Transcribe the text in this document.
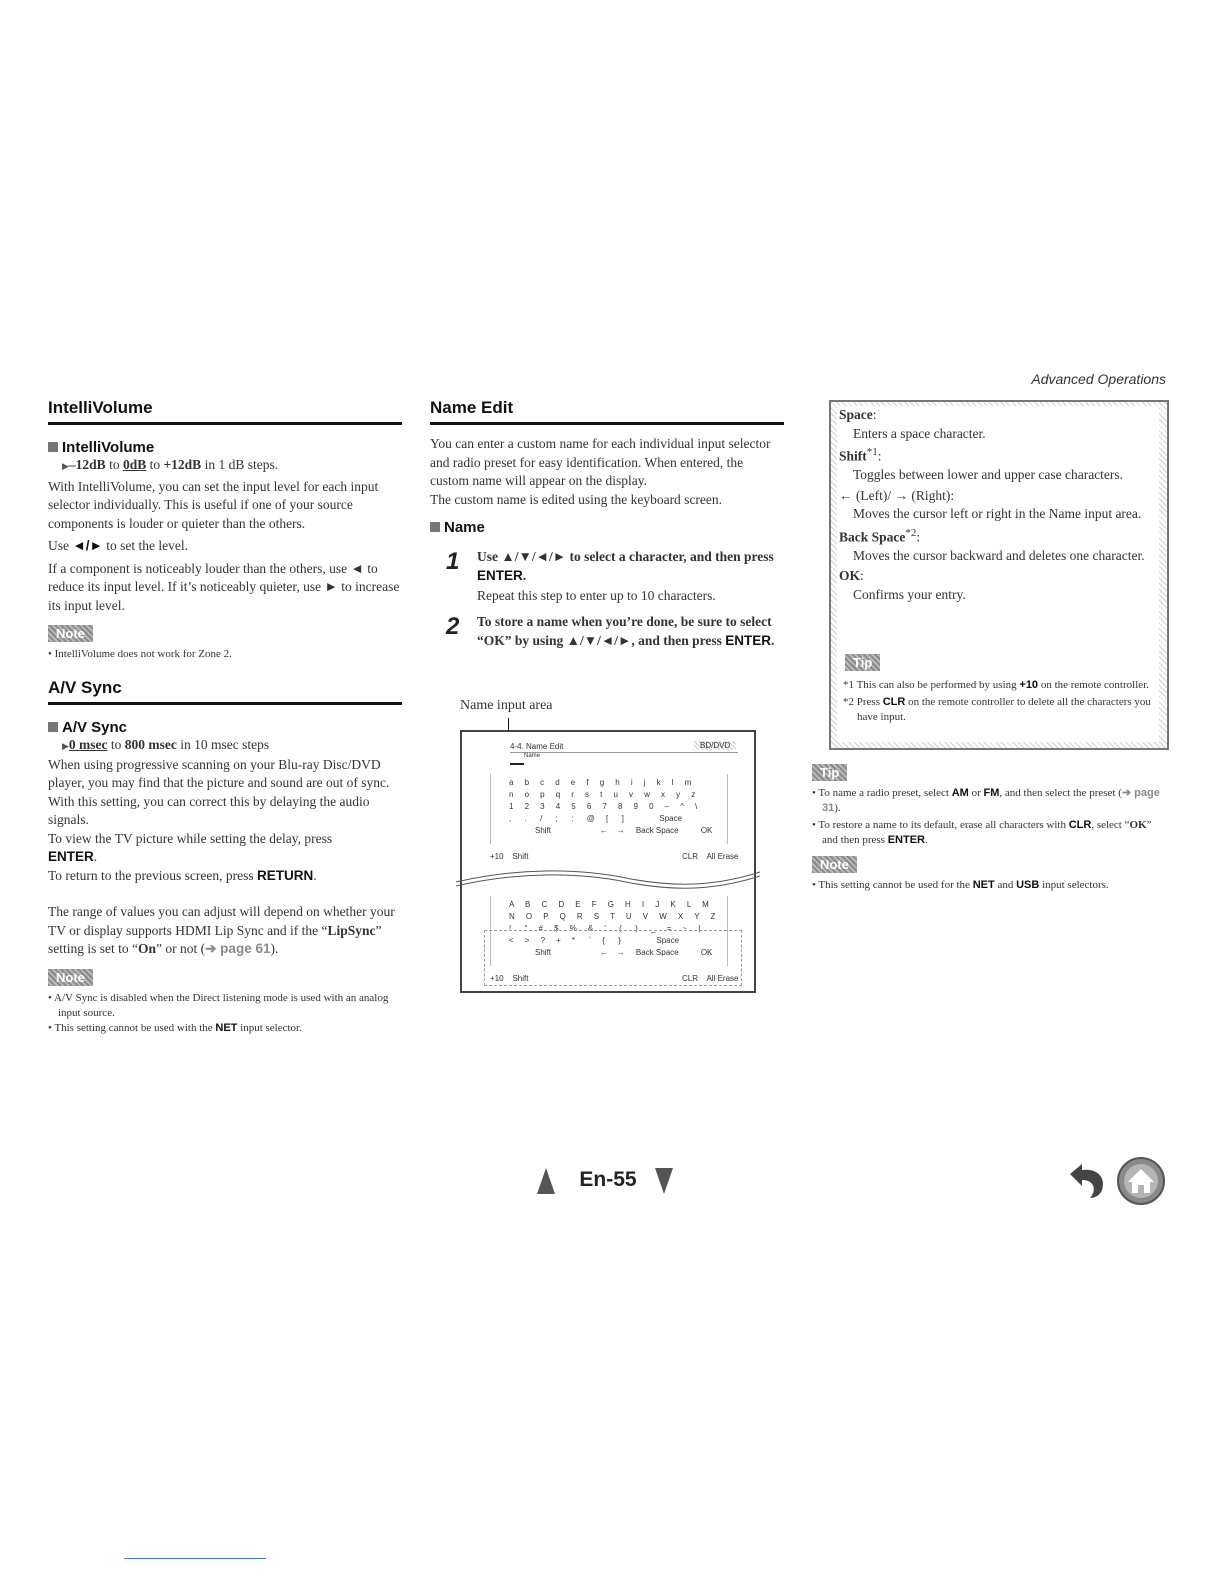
Advanced Operations
IntelliVolume
IntelliVolume

▶–12dB to 0dB to +12dB in 1 dB steps.

With IntelliVolume, you can set the input level for each input selector individually. This is useful if one of your source components is louder or quieter than the others.

Use ◄/► to set the level.

If a component is noticeably louder than the others, use ◄ to reduce its input level. If it’s noticeably quieter, use ► to increase its input level.

Note

• IntelliVolume does not work for Zone 2.

A/V Sync
A/V Sync

▶0 msec to 800 msec in 10 msec steps

When using progressive scanning on your Blu-ray Disc/DVD player, you may find that the picture and sound are out of sync. With this setting, you can correct this by delaying the audio signals.

To view the TV picture while setting the delay, press
ENTER.

To return to the previous screen, press RETURN.

The range of values you can adjust will depend on whether your TV or display supports HDMI Lip Sync and if the “LipSync” setting is set to “On” or not (➔ page 61).

Note

• A/V Sync is disabled when the Direct listening mode is used with an analog input source.

• This setting cannot be used with the NET input selector.

Name Edit

You can enter a custom name for each individual input selector and radio preset for easy identification. When entered, the custom name will appear on the display.

The custom name is edited using the keyboard screen.

Name
1 Use ▲/▼/◄/► to select a character, and then press ENTER.

Repeat this step to enter up to 10 characters.

2 To store a name when you’re done, be sure to select “OK” by using ▲/▼/◄/►, and then press ENTER.

Name input area
4-4. Name Edit	BD/DVD
Name
a     b     c     d     e     f     g     h     i     j     k     l     m
n     o     p     q     r     s     t     u     v     w     x     y     z
1     2     3     4     5     6     7     8     9     0     –     ^     \
,      .      /      ;      :      @     [      ]                Space
Shift                      ←    →     Back Space          OK
+10    Shift	CLR    All Erase
A     B     C     D     E     F     G     H     I     J     K     L     M
N     O     P     Q     R     S     T     U     V     W     X     Y     Z
!      "     #     $     %     &     '      (      )      _     =     ~     |
<     >     ?     +     *      `     {      }                Space
Shift                      ←    →     Back Space          OK
+10    Shift	CLR    All Erase

Space:

Enters a space character.

Shift$^{*1}$:

Toggles between lower and upper case characters.

← (Left)/ → (Right):

Moves the cursor left or right in the Name input area.

Back Space$^{*2}$:

Moves the cursor backward and deletes one character.

OK:

Confirms your entry.

Tip

*1 This can also be performed by using +10 on the remote controller.

*2 Press CLR on the remote controller to delete all the characters you have input.

Tip

• To name a radio preset, select AM or FM, and then select the preset (➔ page 31).

• To restore a name to its default, erase all characters with CLR, select “OK” and then press ENTER.

Note

• This setting cannot be used for the NET and USB input selectors.

En-55
